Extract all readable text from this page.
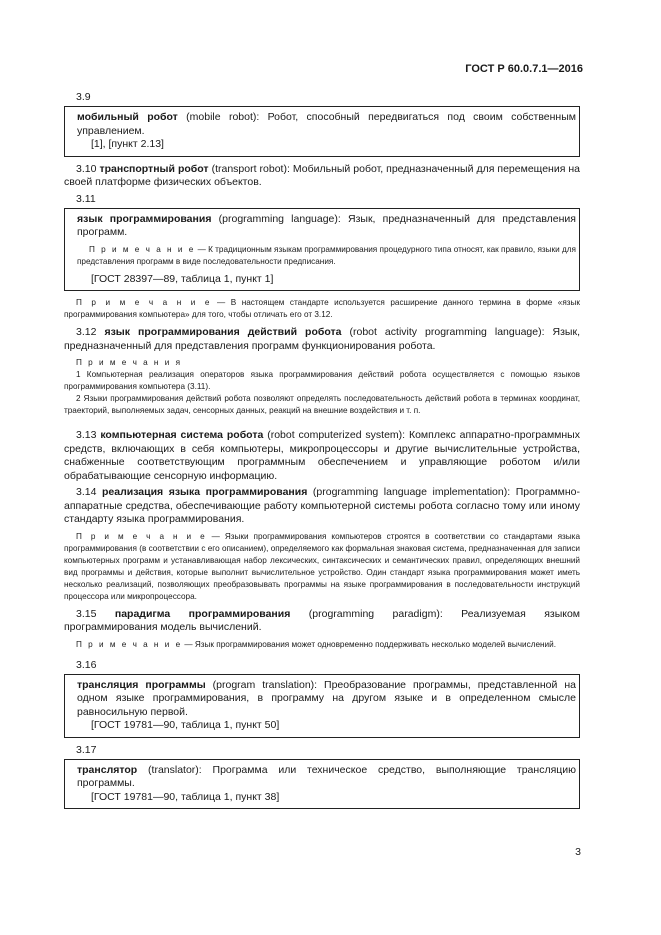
ГОСТ Р 60.0.7.1—2016
3.9
мобильный робот (mobile robot): Робот, способный передвигаться под своим собственным управлением.
[1], [пункт 2.13]

3.10 транспортный робот (transport robot): Мобильный робот, предназначенный для перемещения на своей платформе физических объектов.

3.11
язык программирования (programming language): Язык, предназначенный для представления программ.

П р и м е ч а н и е — К традиционным языкам программирования процедурного типа относят, как правило, языки для представления программ в виде последовательности предписания.

[ГОСТ 28397—89, таблица 1, пункт 1]

П р и м е ч а н и е — В настоящем стандарте используется расширение данного термина в форме «язык программирования компьютера» для того, чтобы отличать его от 3.12.

3.12 язык программирования действий робота (robot activity programming language): Язык, предназначенный для представления программ функционирования робота.

П р и м е ч а н и я

1 Компьютерная реализация операторов языка программирования действий робота осуществляется с помощью языков программирования компьютера (3.11).

2 Языки программирования действий робота позволяют определять последовательность действий робота в терминах координат, траекторий, выполняемых задач, сенсорных данных, реакций на внешние воздействия и т. п.

3.13 компьютерная система робота (robot computerized system): Комплекс аппаратно-программных средств, включающих в себя компьютеры, микропроцессоры и другие вычислительные устройства, снабженные соответствующим программным обеспечением и управляющие роботом и/или обрабатывающие сенсорную информацию.

3.14 реализация языка программирования (programming language implementation): Программно-аппаратные средства, обеспечивающие работу компьютерной системы робота согласно тому или иному стандарту языка программирования.

П р и м е ч а н и е — Языки программирования компьютеров строятся в соответствии со стандартами языка программирования (в соответствии с его описанием), определяемого как формальная знаковая система, предназначенная для записи компьютерных программ и устанавливающая набор лексических, синтаксических и семантических правил, определяющих внешний вид программы и действия, которые выполнит вычислительное устройство. Один стандарт языка программирования может иметь несколько реализаций, позволяющих преобразовывать программы на языке программирования в последовательности инструкций процессора или микропроцессора.

3.15 парадигма программирования (programming paradigm): Реализуемая языком программирования модель вычислений.

П р и м е ч а н и е — Язык программирования может одновременно поддерживать несколько моделей вычислений.

3.16
трансляция программы (program translation): Преобразование программы, представленной на одном языке программирования, в программу на другом языке и в определенном смысле равносильную первой.
[ГОСТ 19781—90, таблица 1, пункт 50]
3.17
транслятор (translator): Программа или техническое средство, выполняющие трансляцию программы.
[ГОСТ 19781—90, таблица 1, пункт 38]
3
